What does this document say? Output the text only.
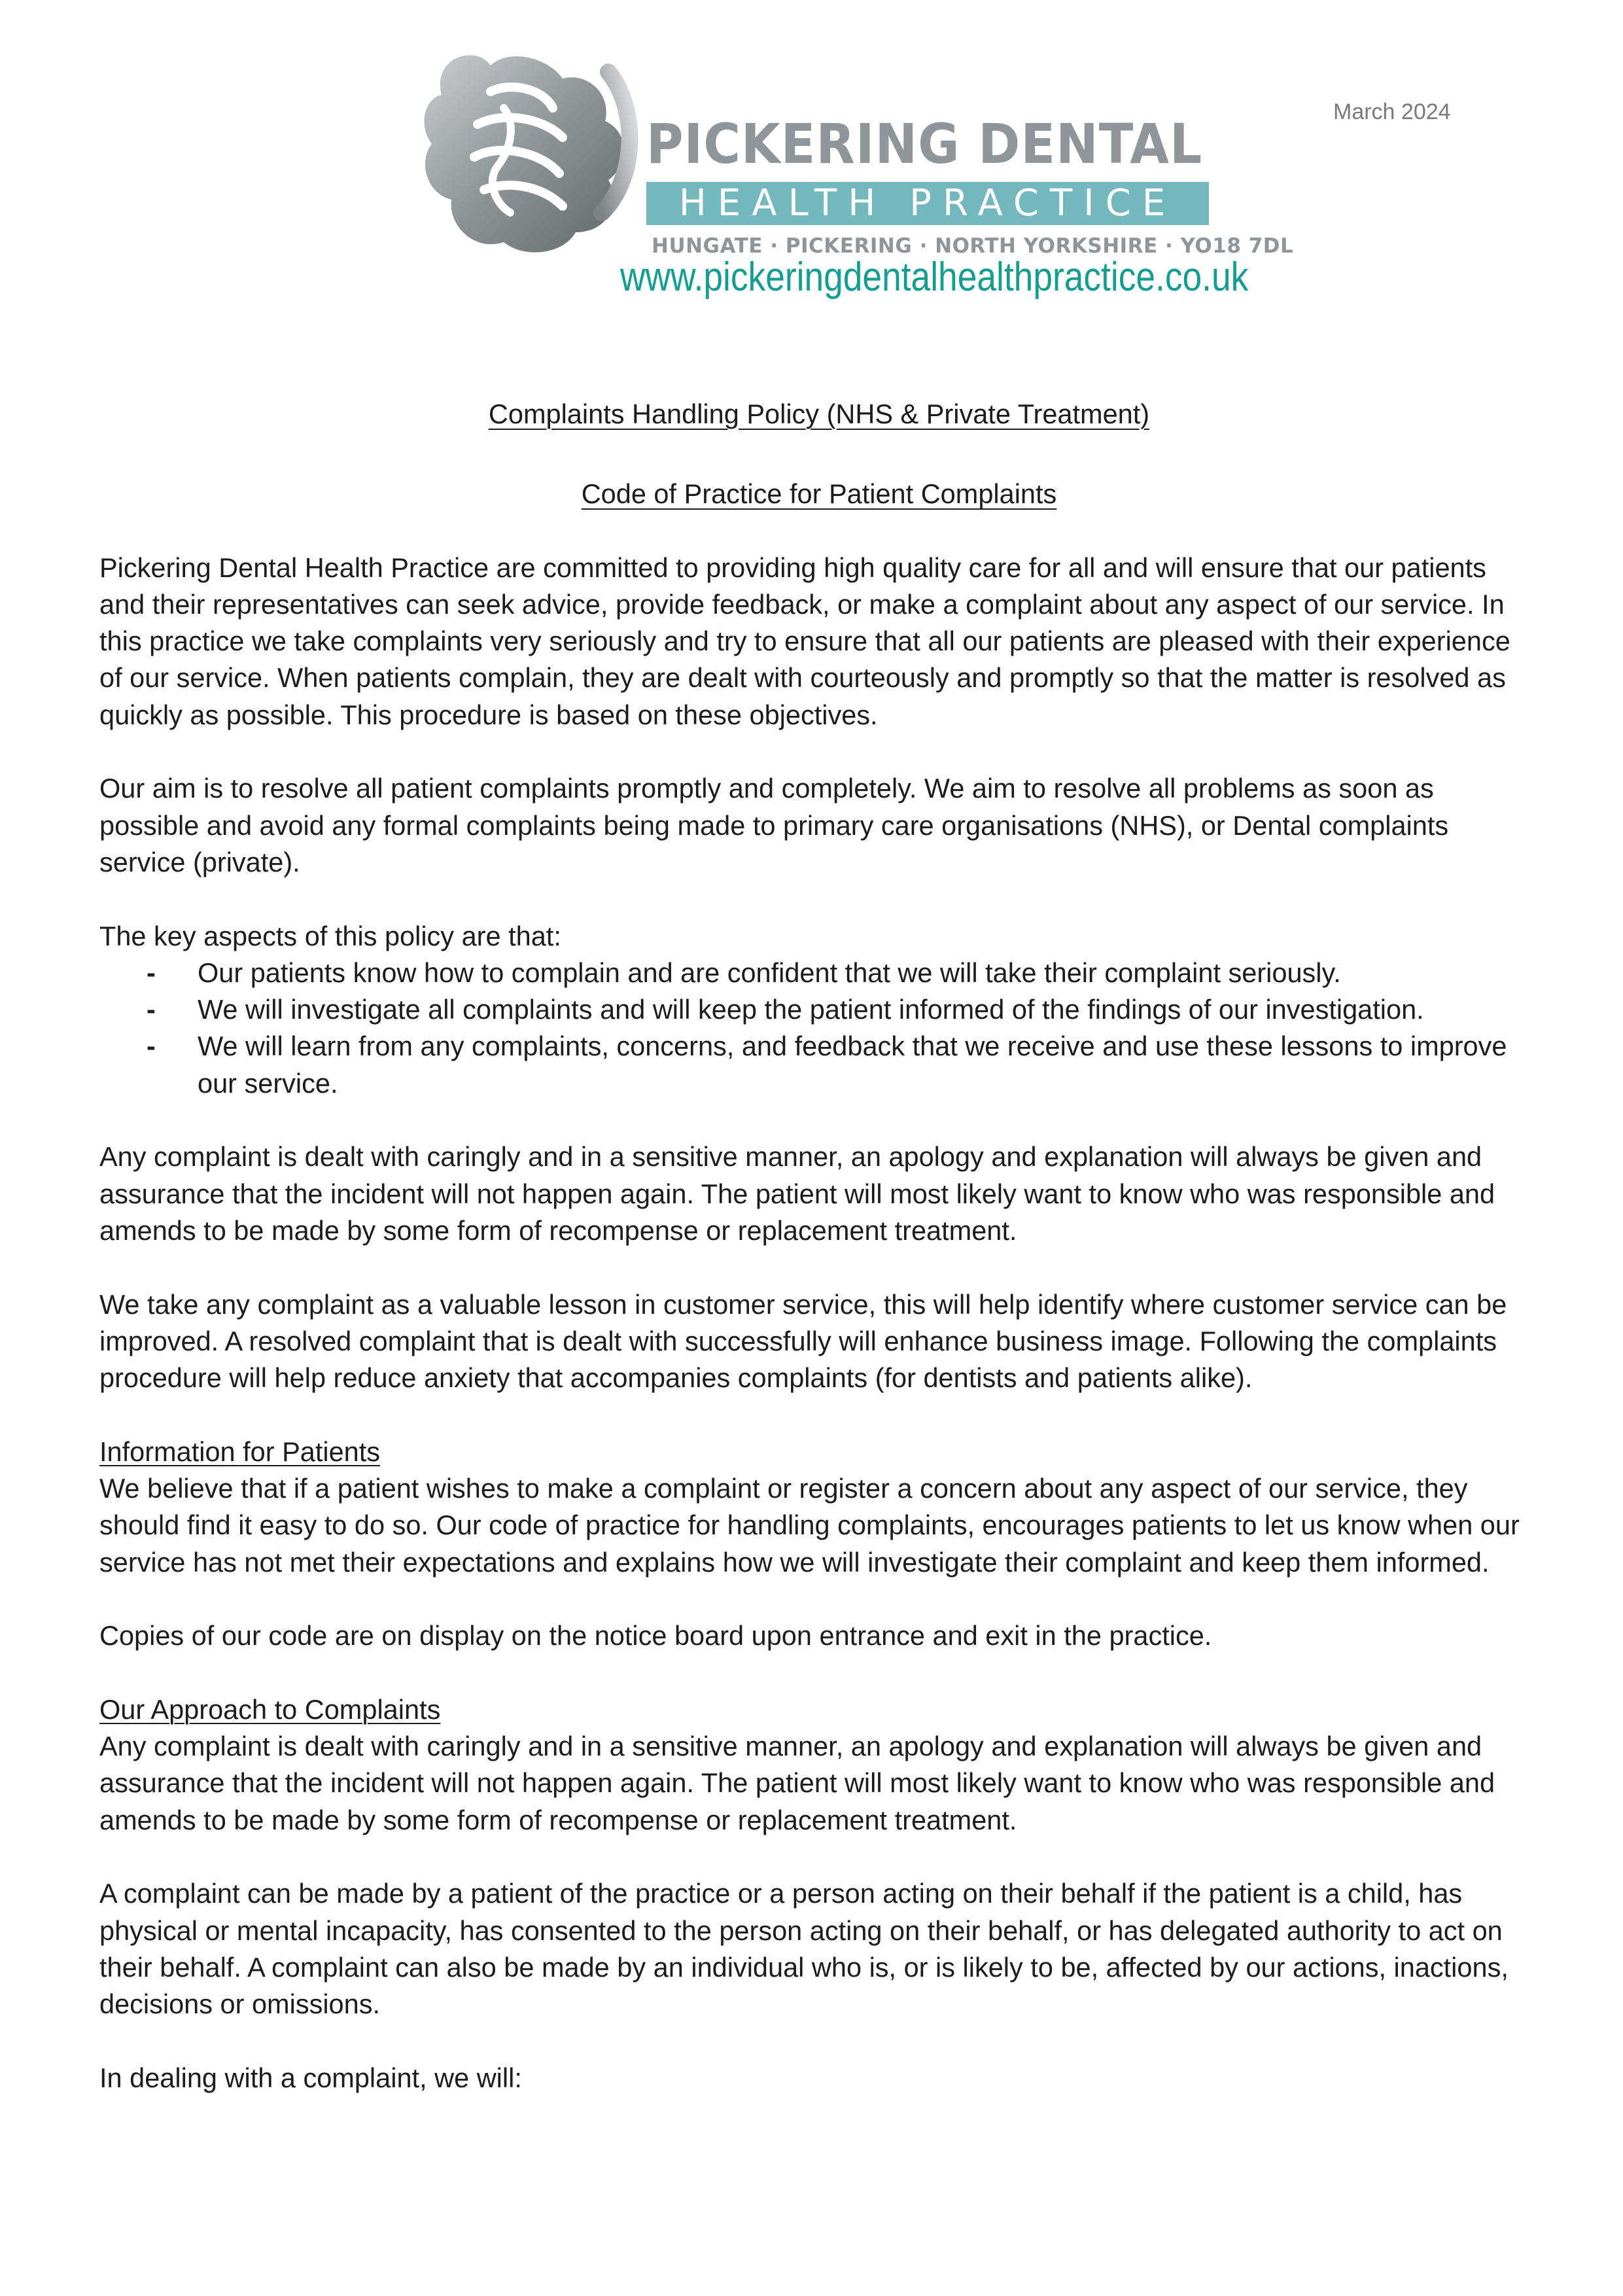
PICKERING DENTAL
HEALTH PRACTICE
HUNGATE · PICKERING · NORTH YORKSHIRE · YO18 7DL
www.pickeringdentalhealthpractice.co.uk
March 2024
Complaints Handling Policy (NHS & Private Treatment)
Code of Practice for Patient Complaints

Pickering Dental Health Practice are committed to providing high quality care for all and will ensure that our patients and their representatives can seek advice, provide feedback, or make a complaint about any aspect of our service. In this practice we take complaints very seriously and try to ensure that all our patients are pleased with their experience of our service. When patients complain, they are dealt with courteously and promptly so that the matter is resolved as quickly as possible. This procedure is based on these objectives.

Our aim is to resolve all patient complaints promptly and completely. We aim to resolve all problems as soon as possible and avoid any formal complaints being made to primary care organisations (NHS), or Dental complaints service (private).

The key aspects of this policy are that:
- Our patients know how to complain and are confident that we will take their complaint seriously.
- We will investigate all complaints and will keep the patient informed of the findings of our investigation.
- We will learn from any complaints, concerns, and feedback that we receive and use these lessons to improve our service.

Any complaint is dealt with caringly and in a sensitive manner, an apology and explanation will always be given and assurance that the incident will not happen again. The patient will most likely want to know who was responsible and amends to be made by some form of recompense or replacement treatment.

We take any complaint as a valuable lesson in customer service, this will help identify where customer service can be improved. A resolved complaint that is dealt with successfully will enhance business image. Following the complaints procedure will help reduce anxiety that accompanies complaints (for dentists and patients alike).

Information for Patients

We believe that if a patient wishes to make a complaint or register a concern about any aspect of our service, they should find it easy to do so. Our code of practice for handling complaints, encourages patients to let us know when our service has not met their expectations and explains how we will investigate their complaint and keep them informed.

Copies of our code are on display on the notice board upon entrance and exit in the practice.

Our Approach to Complaints

Any complaint is dealt with caringly and in a sensitive manner, an apology and explanation will always be given and assurance that the incident will not happen again. The patient will most likely want to know who was responsible and amends to be made by some form of recompense or replacement treatment.

A complaint can be made by a patient of the practice or a person acting on their behalf if the patient is a child, has physical or mental incapacity, has consented to the person acting on their behalf, or has delegated authority to act on their behalf. A complaint can also be made by an individual who is, or is likely to be, affected by our actions, inactions, decisions or omissions.

In dealing with a complaint, we will:
